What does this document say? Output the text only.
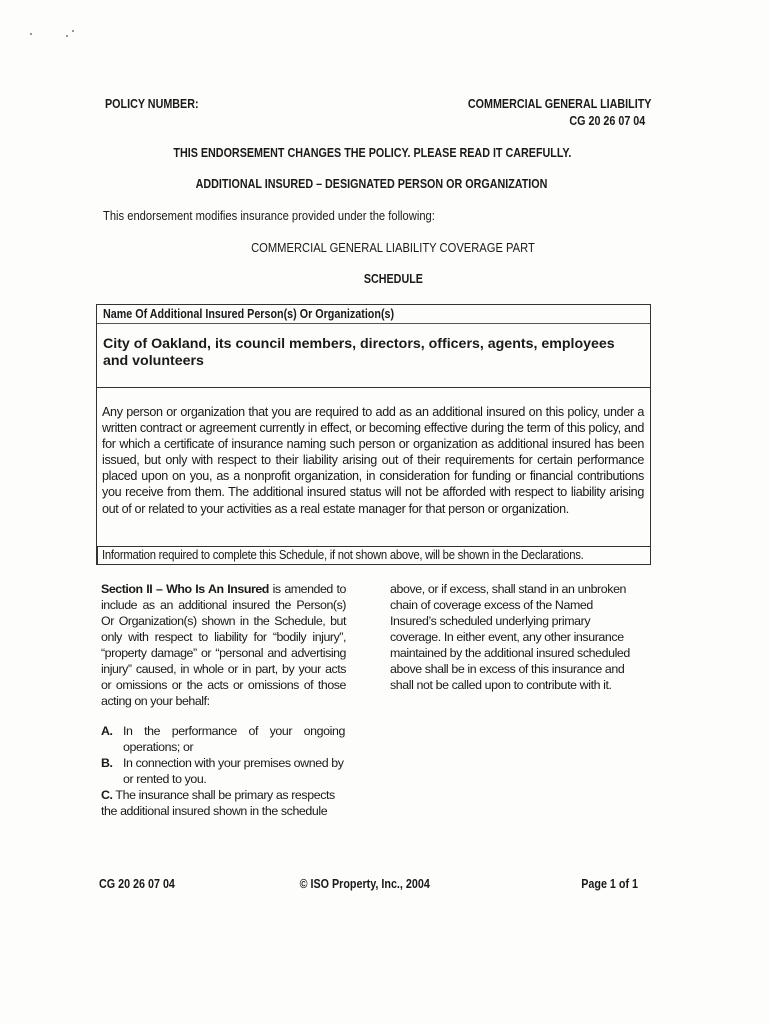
POLICY NUMBER:	COMMERCIAL GENERAL LIABILITY
CG 20 26 07 04
THIS ENDORSEMENT CHANGES THE POLICY. PLEASE READ IT CAREFULLY.
ADDITIONAL INSURED – DESIGNATED PERSON OR ORGANIZATION
This endorsement modifies insurance provided under the following:
COMMERCIAL GENERAL LIABILITY COVERAGE PART
SCHEDULE
Name Of Additional Insured Person(s) Or Organization(s)
City of Oakland, its council members, directors, officers, agents, employees and volunteers
Any person or organization that you are required to add as an additional insured on this policy, under a written contract or agreement currently in effect, or becoming effective during the term of this policy, and for which a certificate of insurance naming such person or organization as additional insured has been issued, but only with respect to their liability arising out of their requirements for certain performance placed upon on you, as a nonprofit organization, in consideration for funding or financial contributions you receive from them. The additional insured status will not be afforded with respect to liability arising out of or related to your activities as a real estate manager for that person or organization.
Information required to complete this Schedule, if not shown above, will be shown in the Declarations.
Section II – Who Is An Insured is amended to include as an additional insured the Person(s) Or Organization(s) shown in the Schedule, but only with respect to liability for “bodily injury”, “property damage” or “personal and advertising injury” caused, in whole or in part, by your acts or omissions or the acts or omissions of those acting on your behalf:
A. In the performance of your ongoing operations; or
B. In connection with your premises owned by or rented to you.
C. The insurance shall be primary as respects the additional insured shown in the schedule
above, or if excess, shall stand in an unbroken chain of coverage excess of the Named Insured’s scheduled underlying primary coverage. In either event, any other insurance maintained by the additional insured scheduled above shall be in excess of this insurance and shall not be called upon to contribute with it.
CG 20 26 07 04	© ISO Property, Inc., 2004	Page 1 of 1
